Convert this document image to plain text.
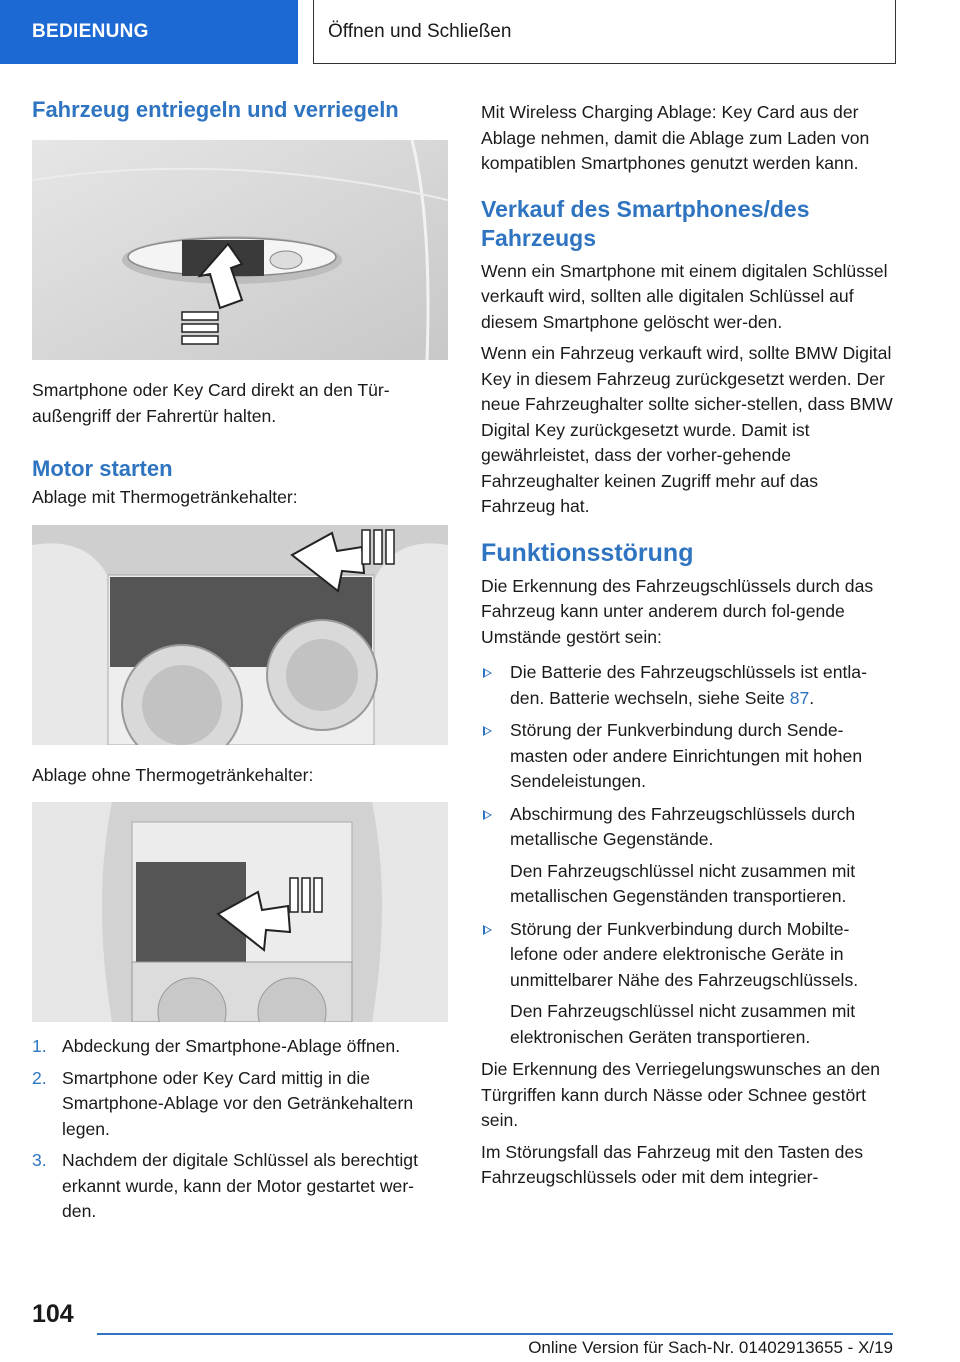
BEDIENUNG	Öffnen und Schließen
Fahrzeug entriegeln und verriegeln

Smartphone oder Key Card direkt an den Tür-außengriff der Fahrertür halten.

Motor starten

Ablage mit Thermogetränkehalter:

Ablage ohne Thermogetränkehalter:

1. Abdeckung der Smartphone-Ablage öffnen.
2. Smartphone oder Key Card mittig in die Smartphone-Ablage vor den Getränkehaltern legen.
3. Nachdem der digitale Schlüssel als berechtigt erkannt wurde, kann der Motor gestartet wer-den.

Mit Wireless Charging Ablage: Key Card aus der Ablage nehmen, damit die Ablage zum Laden von kompatiblen Smartphones genutzt werden kann.

Verkauf des Smartphones/des Fahrzeugs

Wenn ein Smartphone mit einem digitalen Schlüssel verkauft wird, sollten alle digitalen Schlüssel auf diesem Smartphone gelöscht wer-den.

Wenn ein Fahrzeug verkauft wird, sollte BMW Digital Key in diesem Fahrzeug zurückgesetzt werden. Der neue Fahrzeughalter sollte sicher-stellen, dass BMW Digital Key zurückgesetzt wurde. Damit ist gewährleistet, dass der vorher-gehende Fahrzeughalter keinen Zugriff mehr auf das Fahrzeug hat.

Funktionsstörung

Die Erkennung des Fahrzeugschlüssels durch das Fahrzeug kann unter anderem durch fol-gende Umstände gestört sein:

Die Batterie des Fahrzeugschlüssels ist entla-den. Batterie wechseln, siehe Seite 87.
Störung der Funkverbindung durch Sende-masten oder andere Einrichtungen mit hohen Sendeleistungen.
Abschirmung des Fahrzeugschlüssels durch metallische Gegenstände.
Den Fahrzeugschlüssel nicht zusammen mit metallischen Gegenständen transportieren.
Störung der Funkverbindung durch Mobilte-lefone oder andere elektronische Geräte in unmittelbarer Nähe des Fahrzeugschlüssels.
Den Fahrzeugschlüssel nicht zusammen mit elektronischen Geräten transportieren.

Die Erkennung des Verriegelungswunsches an den Türgriffen kann durch Nässe oder Schnee gestört sein.

Im Störungsfall das Fahrzeug mit den Tasten des Fahrzeugschlüssels oder mit dem integrier-

104
Online Version für Sach-Nr. 01402913655 - X/19
